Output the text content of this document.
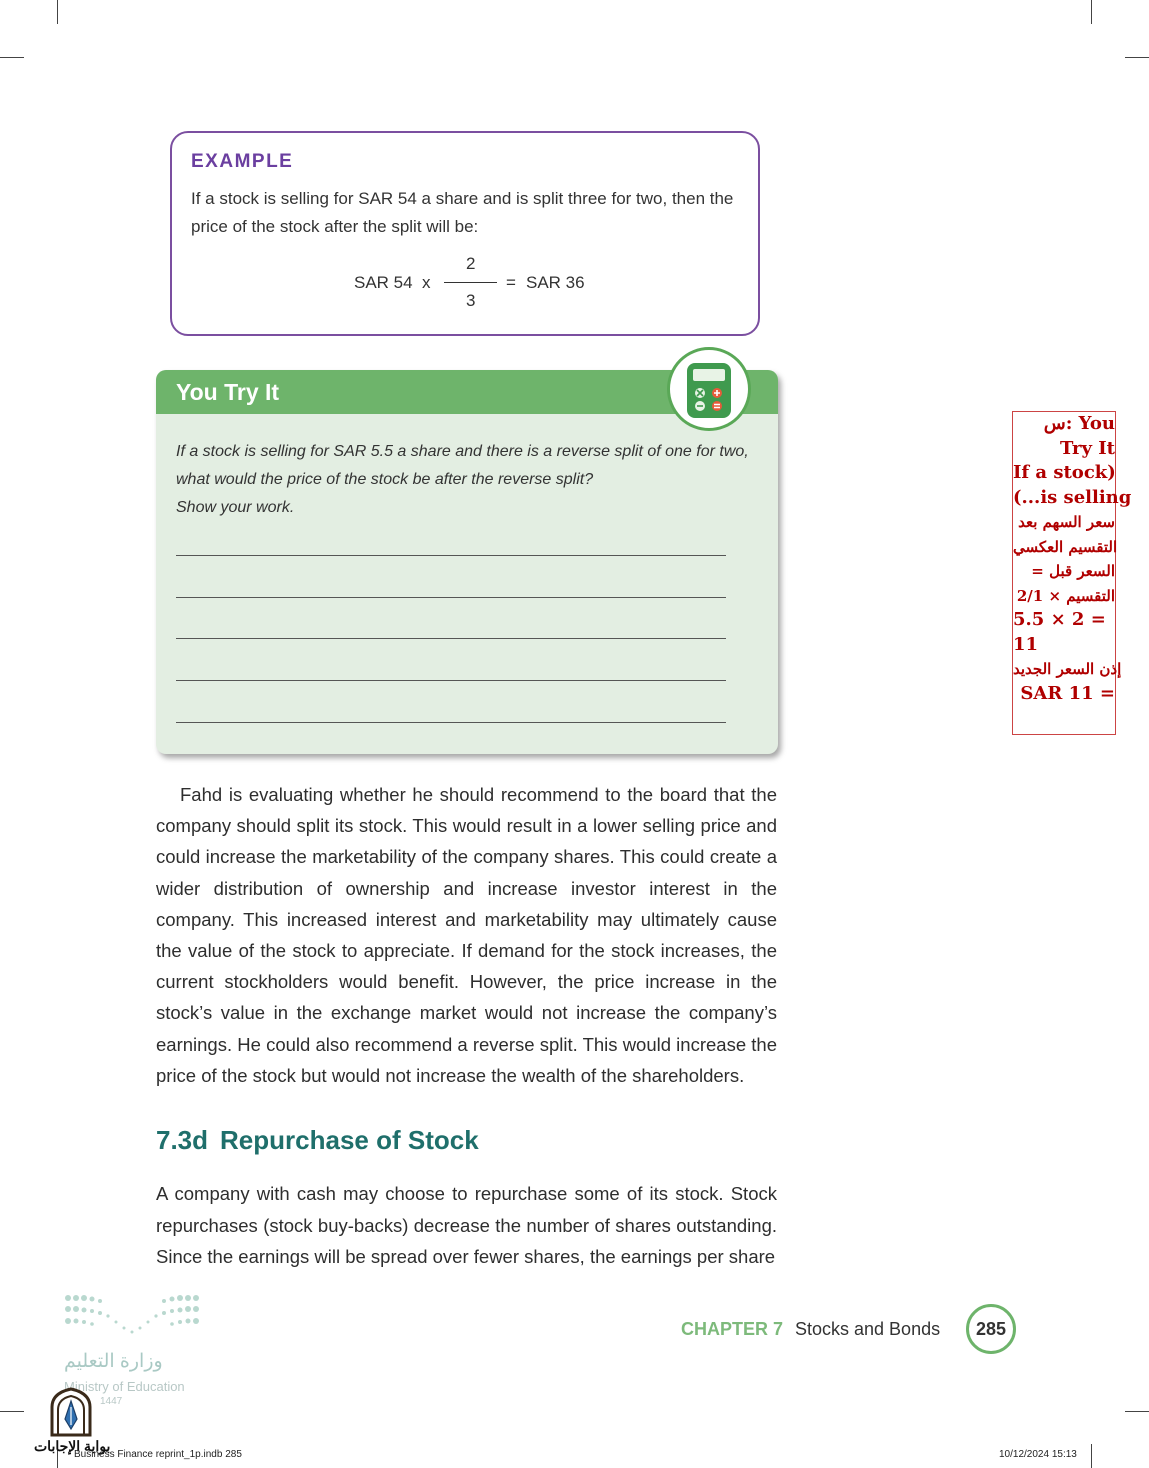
EXAMPLE
If a stock is selling for SAR 54 a share and is split three for two, then the price of the stock after the split will be:
SAR 54 x
2
3
= SAR 36
You Try It
If a stock is selling for SAR 5.5 a share and there is a reverse split of one for two, what would the price of the stock be after the reverse split?
Show your work.
Fahd is evaluating whether he should recommend to the board that the company should split its stock. This would result in a lower selling price and could increase the marketability of the company shares. This could create a wider distribution of ownership and increase investor interest in the company. This increased interest and marketability may ultimately cause the value of the stock to appreciate. If demand for the stock increases, the current stockholders would benefit. However, the price increase in the stock’s value in the exchange market would not increase the company’s earnings. He could also recommend a reverse split. This would increase the price of the stock but would not increase the wealth of the shareholders.
7.3d Repurchase of Stock
A company with cash may choose to repurchase some of its stock. Stock repurchases (stock buy-backs) decrease the number of shares outstanding. Since the earnings will be spread over fewer shares, the earnings per share
CHAPTER 7 Stocks and Bonds	285
س: You
Try It
If a stock)
(...is selling
سعر السهم بعد
التقسيم العكسي
= السعر قبل
التقسيم × 2/1
5.5 × 2 =
11
إذن السعر الجديد
SAR 11 =
وزارة التعليم
Ministry of Education
1447
بوابة الإجابات
Business Finance reprint_1p.indb 285	10/12/2024 15:13
